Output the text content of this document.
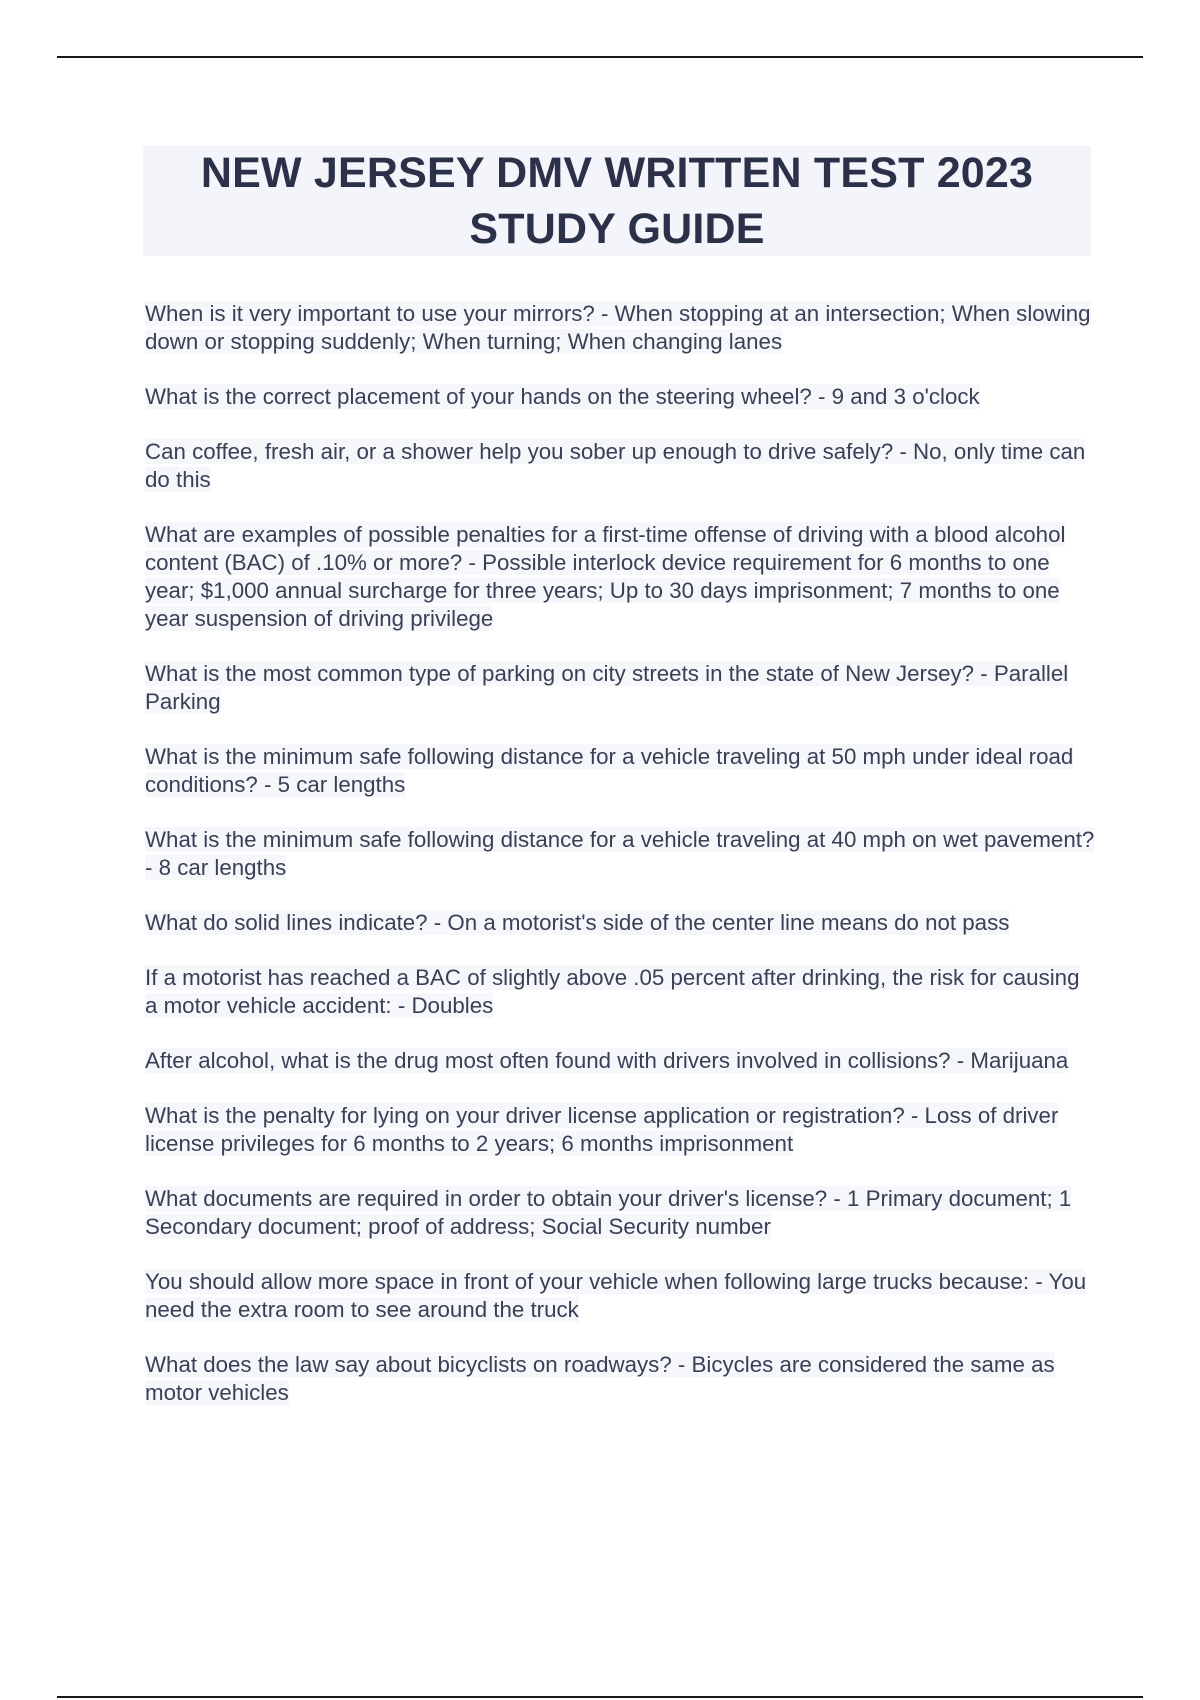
NEW JERSEY DMV WRITTEN TEST 2023
STUDY GUIDE

When is it very important to use your mirrors? - When stopping at an intersection; When slowing down or stopping suddenly; When turning; When changing lanes

What is the correct placement of your hands on the steering wheel? - 9 and 3 o'clock

Can coffee, fresh air, or a shower help you sober up enough to drive safely? - No, only time can do this

What are examples of possible penalties for a first-time offense of driving with a blood alcohol content (BAC) of .10% or more? - Possible interlock device requirement for 6 months to one year; $1,000 annual surcharge for three years; Up to 30 days imprisonment; 7 months to one year suspension of driving privilege

What is the most common type of parking on city streets in the state of New Jersey? - Parallel Parking

What is the minimum safe following distance for a vehicle traveling at 50 mph under ideal road conditions? - 5 car lengths

What is the minimum safe following distance for a vehicle traveling at 40 mph on wet pavement? - 8 car lengths

What do solid lines indicate? - On a motorist's side of the center line means do not pass

If a motorist has reached a BAC of slightly above .05 percent after drinking, the risk for causing a motor vehicle accident: - Doubles

After alcohol, what is the drug most often found with drivers involved in collisions? - Marijuana

What is the penalty for lying on your driver license application or registration? - Loss of driver license privileges for 6 months to 2 years; 6 months imprisonment

What documents are required in order to obtain your driver's license? - 1 Primary document; 1 Secondary document; proof of address; Social Security number

You should allow more space in front of your vehicle when following large trucks because: - You need the extra room to see around the truck

What does the law say about bicyclists on roadways? - Bicycles are considered the same as motor vehicles
